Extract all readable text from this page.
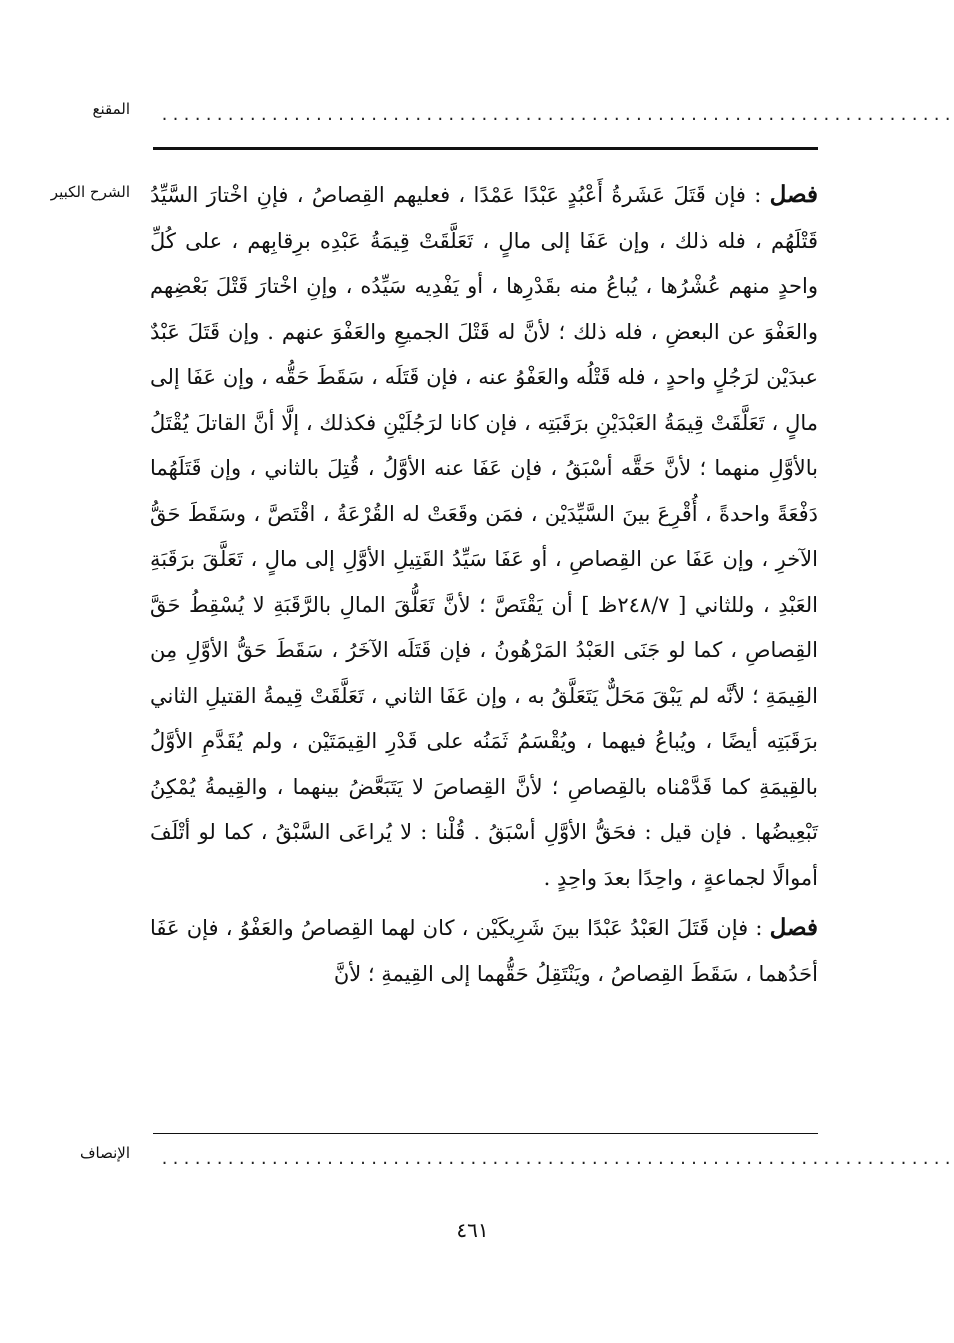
المقنع ........................................................................
الشرح الكبير	فصل : فإن قَتَلَ عَشَرةُ أَعْبُدٍ عَبْدًا عَمْدًا ، فعليهم القِصاصُ ، فإنِ اخْتارَ السَّيِّدُ قَتْلَهُم ، فله ذلك ، وإن عَفَا إلى مالٍ ، تَعَلَّقَتْ قِيمَةُ عَبْدِه برِقابِهم ، على كُلِّ واحدٍ منهم عُشْرُها ، يُباعُ منه بقَدْرِها ، أو يَفْدِيه سَيِّدُه ، وإنِ اخْتارَ قَتْلَ بَعْضِهم والعَفْوَ عن البعضِ ، فله ذلك ؛ لأنَّ له قَتْلَ الجميعِ والعَفْوَ عنهم . وإن قَتَلَ عَبْدٌ عبدَيْن لرَجُلٍ واحدٍ ، فله قَتْلُه والعَفْوُ عنه ، فإن قَتَلَه ، سَقَطَ حَقُّه ، وإن عَفَا إلى مالٍ ، تَعَلَّقَتْ قِيمَةُ العَبْدَيْنِ برَقَبَتِه ، فإن كانا لرَجُلَيْنِ فكذلك ، إلَّا أنَّ القاتلَ يُقْتَلُ بالأوَّلِ منهما ؛ لأنَّ حَقَّه أسْبَقُ ، فإن عَفَا عنه الأوَّلُ ، قُتِلَ بالثاني ، وإن قَتَلَهُما دَفْعَةً واحدةً ، أُقْرِعَ بينَ السَّيِّدَيْن ، فمَن وقَعَتْ له القُرْعَةُ ، اقْتَصَّ ، وسَقَطَ حَقُّ الآخرِ ، وإن عَفَا عن القِصاصِ ، أو عَفَا سَيِّدُ القَتِيلِ الأوَّلِ إلى مالٍ ، تَعَلَّقَ برَقَبَةِ العَبْدِ ، وللثاني [ ٢٤٨/٧ظ ] أن يَقْتَصَّ ؛ لأنَّ تَعَلُّقَ المالِ بالرَّقَبَةِ لا يُسْقِطُ حَقَّ القِصاصِ ، كما لو جَنَى العَبْدُ المَرْهُونُ ، فإن قَتَلَه الآخَرُ ، سَقَطَ حَقُّ الأوَّلِ مِن القِيمَةِ ؛ لأنَّه لم يَبْقَ مَحَلٌّ يَتَعَلَّقُ به ، وإن عَفَا الثاني ، تَعَلَّقَتْ قِيمةُ القتيلِ الثاني برَقَبَتِه أيضًا ، ويُباعُ فيهما ، ويُقْسَمُ ثَمَنُه على قَدْرِ القِيمَتَيْن ، ولم يُقَدَّمِ الأوَّلُ بالقِيمَةِ كما قَدَّمْناه بالقِصاصِ ؛ لأنَّ القِصاصَ لا يَتَبَعَّضُ بينهما ، والقِيمةُ يُمْكِنُ تَبْعِيضُها . فإن قيل : فحَقُّ الأوَّلِ أسْبَقُ . قُلْنا : لا يُراعَى السَّبْقُ ، كما لو أتْلَفَ أموالًا لجماعةٍ ، واحِدًا بعدَ واحِدٍ .

فصل : فإن قَتَلَ العَبْدُ عَبْدًا بينَ شَرِيكَيْن ، كان لهما القِصاصُ والعَفْوُ ، فإن عَفَا أحَدُهما ، سَقَطَ القِصاصُ ، ويَنْتَقِلُ حَقُّهما إلى القِيمةِ ؛ لأنَّ

الإنصاف ........................................................................
٤٦١
